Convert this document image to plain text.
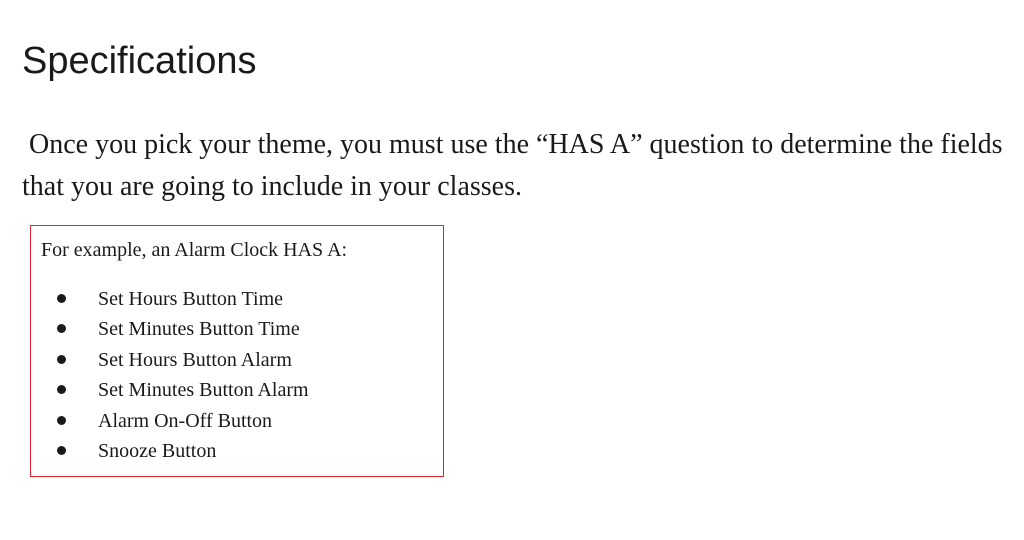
Specifications

Once you pick your theme, you must use the “HAS A” question to determine the fields that you are going to include in your classes.

For example, an Alarm Clock HAS A:

Set Hours Button Time
Set Minutes Button Time
Set Hours Button Alarm
Set Minutes Button Alarm
Alarm On-Off Button
Snooze Button
